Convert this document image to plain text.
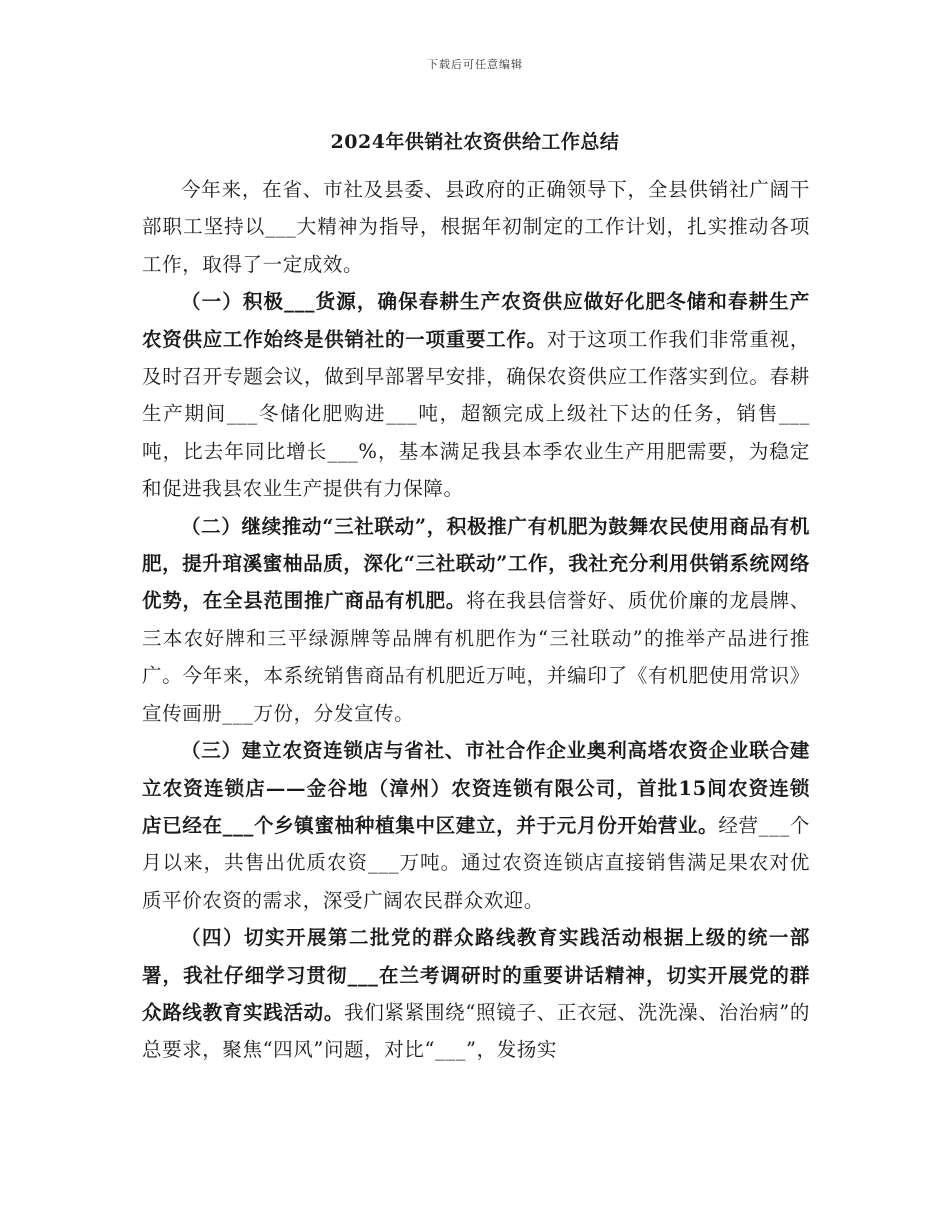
下载后可任意编辑
2024年供销社农资供给工作总结

今年来，在省、市社及县委、县政府的正确领导下，全县供销社广阔干部职工坚持以___大精神为指导，根据年初制定的工作计划，扎实推动各项工作，取得了一定成效。

（一）积极___货源，确保春耕生产农资供应做好化肥冬储和春耕生产农资供应工作始终是供销社的一项重要工作。对于这项工作我们非常重视，及时召开专题会议，做到早部署早安排，确保农资供应工作落实到位。春耕生产期间___冬储化肥购进___吨，超额完成上级社下达的任务，销售___吨，比去年同比增长___%，基本满足我县本季农业生产用肥需要，为稳定和促进我县农业生产提供有力保障。

（二）继续推动“三社联动”，积极推广有机肥为鼓舞农民使用商品有机肥，提升琯溪蜜柚品质，深化“三社联动”工作，我社充分利用供销系统网络优势，在全县范围推广商品有机肥。将在我县信誉好、质优价廉的龙晨牌、三本农好牌和三平绿源牌等品牌有机肥作为“三社联动”的推举产品进行推广。今年来，本系统销售商品有机肥近万吨，并编印了《有机肥使用常识》宣传画册___万份，分发宣传。

（三）建立农资连锁店与省社、市社合作企业奥利高塔农资企业联合建立农资连锁店——金谷地（漳州）农资连锁有限公司，首批15间农资连锁店已经在___个乡镇蜜柚种植集中区建立，并于元月份开始营业。经营___个月以来，共售出优质农资___万吨。通过农资连锁店直接销售满足果农对优质平价农资的需求，深受广阔农民群众欢迎。

（四）切实开展第二批党的群众路线教育实践活动根据上级的统一部署，我社仔细学习贯彻___在兰考调研时的重要讲话精神，切实开展党的群众路线教育实践活动。我们紧紧围绕“照镜子、正衣冠、洗洗澡、治治病”的总要求，聚焦“四风”问题，对比“___”，发扬实
